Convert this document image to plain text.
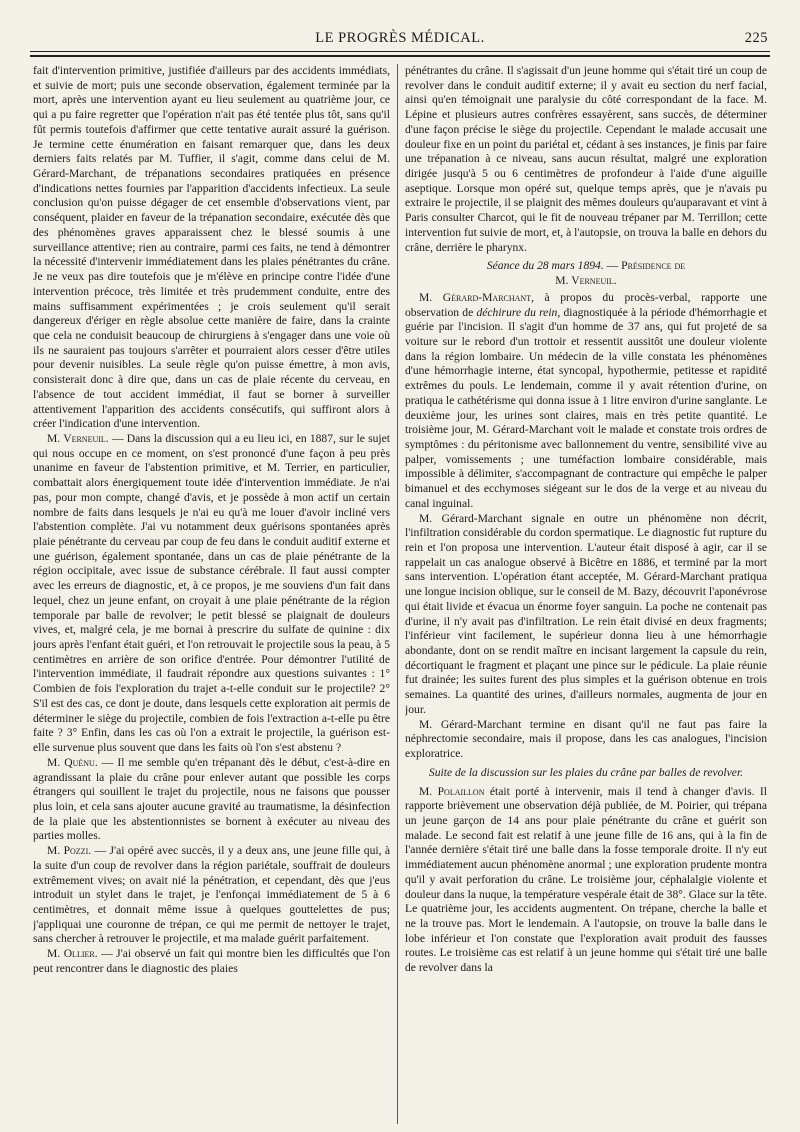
LE PROGRÈS MÉDICAL.	225

fait d'intervention primitive, justifiée d'ailleurs par des accidents immédiats, et suivie de mort; puis une seconde observation, également terminée par la mort, après une intervention ayant eu lieu seulement au quatrième jour, ce qui a pu faire regretter que l'opération n'ait pas été tentée plus tôt, sans qu'il fût permis toutefois d'affirmer que cette tentative aurait assuré la guérison. Je termine cette énumération en faisant remarquer que, dans les deux derniers faits relatés par M. Tuffier, il s'agit, comme dans celui de M. Gérard-Marchant, de trépanations secondaires pratiquées en présence d'indications nettes fournies par l'apparition d'accidents infectieux. La seule conclusion qu'on puisse dégager de cet ensemble d'observations vient, par conséquent, plaider en faveur de la trépanation secondaire, exécutée dès que des phénomènes graves apparaissent chez le blessé soumis à une surveillance attentive; rien au contraire, parmi ces faits, ne tend à démontrer la nécessité d'intervenir immédiatement dans les plaies pénétrantes du crâne. Je ne veux pas dire toutefois que je m'élève en principe contre l'idée d'une intervention précoce, très limitée et très prudemment conduite, entre des mains suffisamment expérimentées ; je crois seulement qu'il serait dangereux d'ériger en règle absolue cette manière de faire, dans la crainte que cela ne conduisit beaucoup de chirurgiens à s'engager dans une voie où ils ne sauraient pas toujours s'arrêter et pourraient alors cesser d'être utiles pour devenir nuisibles. La seule règle qu'on puisse émettre, à mon avis, consisterait donc à dire que, dans un cas de plaie récente du cerveau, en l'absence de tout accident immédiat, il faut se borner à surveiller attentivement l'apparition des accidents consécutifs, qui suffiront alors à créer l'indication d'une intervention.

M. Verneuil. — Dans la discussion qui a eu lieu ici, en 1887, sur le sujet qui nous occupe en ce moment, on s'est prononcé d'une façon à peu près unanime en faveur de l'abstention primitive, et M. Terrier, en particulier, combattait alors énergiquement toute idée d'intervention immédiate. Je n'ai pas, pour mon compte, changé d'avis, et je possède à mon actif un certain nombre de faits dans lesquels je n'ai eu qu'à me louer d'avoir incliné vers l'abstention complète. J'ai vu notamment deux guérisons spontanées après plaie pénétrante du cerveau par coup de feu dans le conduit auditif externe et une guérison, également spontanée, dans un cas de plaie pénétrante de la région occipitale, avec issue de substance cérébrale. Il faut aussi compter avec les erreurs de diagnostic, et, à ce propos, je me souviens d'un fait dans lequel, chez un jeune enfant, on croyait à une plaie pénétrante de la région temporale par balle de revolver; le petit blessé se plaignait de douleurs vives, et, malgré cela, je me bornai à prescrire du sulfate de quinine : dix jours après l'enfant était guéri, et l'on retrouvait le projectile sous la peau, à 5 centimètres en arrière de son orifice d'entrée. Pour démontrer l'utilité de l'intervention immédiate, il faudrait répondre aux questions suivantes : 1° Combien de fois l'exploration du trajet a-t-elle conduit sur le projectile? 2° S'il est des cas, ce dont je doute, dans lesquels cette exploration ait permis de déterminer le siège du projectile, combien de fois l'extraction a-t-elle pu être faite ? 3° Enfin, dans les cas où l'on a extrait le projectile, la guérison est-elle survenue plus souvent que dans les faits où l'on s'est abstenu ?

M. Quénu. — Il me semble qu'en trépanant dès le début, c'est-à-dire en agrandissant la plaie du crâne pour enlever autant que possible les corps étrangers qui souillent le trajet du projectile, nous ne faisons que pousser plus loin, et cela sans ajouter aucune gravité au traumatisme, la désinfection de la plaie que les abstentionnistes se bornent à exécuter au niveau des parties molles.

M. Pozzi. — J'ai opéré avec succès, il y a deux ans, une jeune fille qui, à la suite d'un coup de revolver dans la région pariétale, souffrait de douleurs extrêmement vives; on avait nié la pénétration, et cependant, dès que j'eus introduit un stylet dans le trajet, je l'enfonçai immédiatement de 5 à 6 centimètres, et donnait même issue à quelques gouttelettes de pus; j'appliquai une couronne de trépan, ce qui me permit de nettoyer le trajet, sans chercher à retrouver le projectile, et ma malade guérit parfaitement.

M. Ollier. — J'ai observé un fait qui montre bien les difficultés que l'on peut rencontrer dans le diagnostic des plaies

pénétrantes du crâne. Il s'agissait d'un jeune homme qui s'était tiré un coup de revolver dans le conduit auditif externe; il y avait eu section du nerf facial, ainsi qu'en témoignait une paralysie du côté correspondant de la face. M. Lépine et plusieurs autres confrères essayèrent, sans succès, de déterminer d'une façon précise le siège du projectile. Cependant le malade accusait une douleur fixe en un point du pariétal et, cédant à ses instances, je finis par faire une trépanation à ce niveau, sans aucun résultat, malgré une exploration dirigée jusqu'à 5 ou 6 centimètres de profondeur à l'aide d'une aiguille aseptique. Lorsque mon opéré sut, quelque temps après, que je n'avais pu extraire le projectile, il se plaignit des mêmes douleurs qu'auparavant et vint à Paris consulter Charcot, qui le fit de nouveau trépaner par M. Terrillon; cette intervention fut suivie de mort, et, à l'autopsie, on trouva la balle en dehors du crâne, derrière le pharynx.

Séance du 28 mars 1894. — Présidence de
M. Verneuil.

M. Gérard-Marchant, à propos du procès-verbal, rapporte une observation de déchirure du rein, diagnostiquée à la période d'hémorrhagie et guérie par l'incision. Il s'agit d'un homme de 37 ans, qui fut projeté de sa voiture sur le rebord d'un trottoir et ressentit aussitôt une douleur violente dans la région lombaire. Un médecin de la ville constata les phénomènes d'une hémorrhagie interne, état syncopal, hypothermie, petitesse et rapidité extrêmes du pouls. Le lendemain, comme il y avait rétention d'urine, on pratiqua le cathétérisme qui donna issue à 1 litre environ d'urine sanglante. Le deuxième jour, les urines sont claires, mais en très petite quantité. Le troisième jour, M. Gérard-Marchant voit le malade et constate trois ordres de symptômes : du péritonisme avec ballonnement du ventre, sensibilité vive au palper, vomissements ; une tuméfaction lombaire considérable, mais impossible à délimiter, s'accompagnant de contracture qui empêche le palper bimanuel et des ecchymoses siégeant sur le dos de la verge et au niveau du canal inguinal.

M. Gérard-Marchant signale en outre un phénomène non décrit, l'infiltration considérable du cordon spermatique. Le diagnostic fut rupture du rein et l'on proposa une intervention. L'auteur était disposé à agir, car il se rappelait un cas analogue observé à Bicêtre en 1886, et terminé par la mort sans intervention. L'opération étant acceptée, M. Gérard-Marchant pratiqua une longue incision oblique, sur le conseil de M. Bazy, découvrit l'aponévrose qui était livide et évacua un énorme foyer sanguin. La poche ne contenait pas d'urine, il n'y avait pas d'infiltration. Le rein était divisé en deux fragments; l'inférieur vint facilement, le supérieur donna lieu à une hémorrhagie abondante, dont on se rendit maître en incisant largement la capsule du rein, décortiquant le fragment et plaçant une pince sur le pédicule. La plaie réunie fut drainée; les suites furent des plus simples et la guérison obtenue en trois semaines. La quantité des urines, d'ailleurs normales, augmenta de jour en jour.

M. Gérard-Marchant termine en disant qu'il ne faut pas faire la néphrectomie secondaire, mais il propose, dans les cas analogues, l'incision exploratrice.

Suite de la discussion sur les plaies du crâne par balles de revolver.

M. Polaillon était porté à intervenir, mais il tend à changer d'avis. Il rapporte brièvement une observation déjà publiée, de M. Poirier, qui trépana un jeune garçon de 14 ans pour plaie pénétrante du crâne et guérit son malade. Le second fait est relatif à une jeune fille de 16 ans, qui à la fin de l'année dernière s'était tiré une balle dans la fosse temporale droite. Il n'y eut immédiatement aucun phénomène anormal ; une exploration prudente montra qu'il y avait perforation du crâne. Le troisième jour, céphalalgie violente et douleur dans la nuque, la température vespérale était de 38°. Glace sur la tête. Le quatrième jour, les accidents augmentent. On trépane, cherche la balle et ne la trouve pas. Mort le lendemain. A l'autopsie, on trouve la balle dans le lobe inférieur et l'on constate que l'exploration avait produit des fausses routes. Le troisième cas est relatif à un jeune homme qui s'était tiré une balle de revolver dans la
